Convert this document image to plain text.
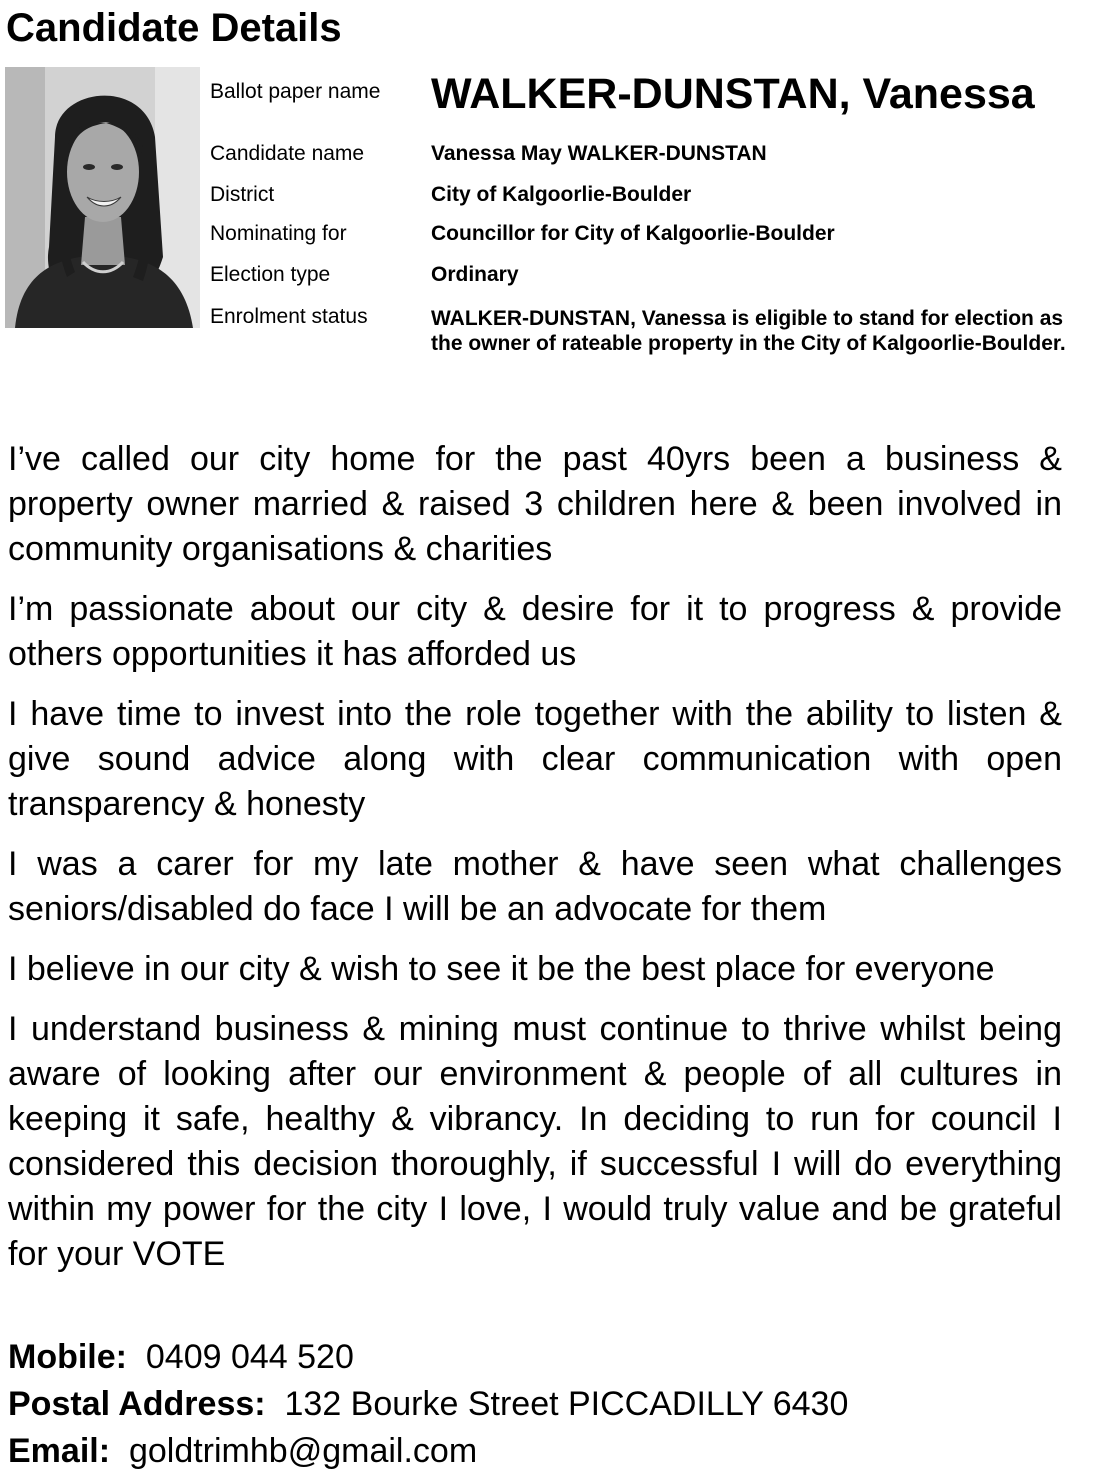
Candidate Details
Ballot paper name WALKER-DUNSTAN, Vanessa
Candidate name	Vanessa May WALKER-DUNSTAN
District	City of Kalgoorlie-Boulder
Nominating for	Councillor for City of Kalgoorlie-Boulder
Election type	Ordinary
Enrolment status	WALKER-DUNSTAN, Vanessa is eligible to stand for election as the owner of rateable property in the City of Kalgoorlie-Boulder.

I’ve called our city home for the past 40yrs been a business & property owner married & raised 3 children here & been involved in community organisations & charities

I’m passionate about our city & desire for it to progress & provide others opportunities it has afforded us

I have time to invest into the role together with the ability to listen & give sound advice along with clear communication with open transparency & honesty

I was a carer for my late mother & have seen what challenges seniors/disabled do face I will be an advocate for them

I believe in our city & wish to see it be the best place for everyone

I understand business & mining must continue to thrive whilst being aware of looking after our environment & people of all cultures in keeping it safe, healthy & vibrancy. In deciding to run for council I considered this decision thoroughly, if successful I will do everything within my power for the city I love, I would truly value and be grateful for your VOTE

Mobile: 0409 044 520
Postal Address: 132 Bourke Street PICCADILLY 6430
Email: goldtrimhb@gmail.com
